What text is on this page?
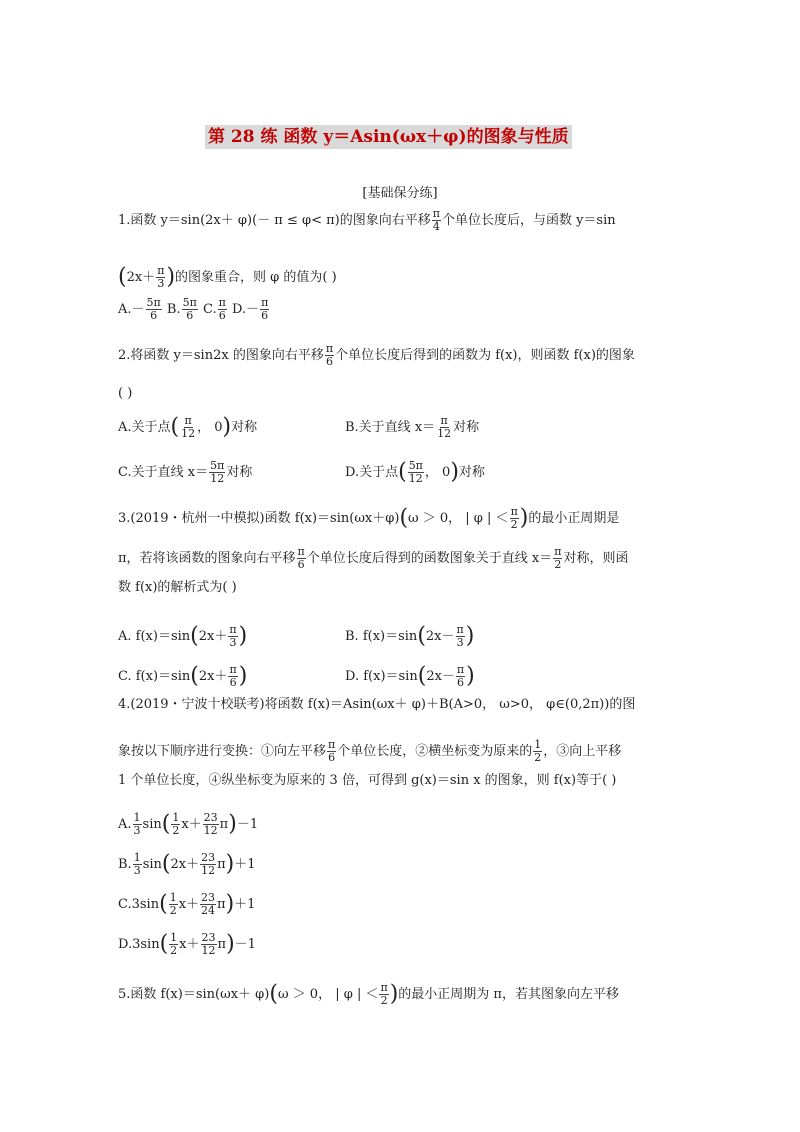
第 28 练 函数 y＝Asin(ωx＋φ)的图象与性质
[基础保分练]
1.函数 y＝sin(2x＋ φ)(－ π ≤ φ< π)的图象向右平移 $\frac{\pi}{4}$ 个单位长度后，与函数 y＝sin
($2x+ \frac{\pi}{3}$ )的图象重合，则 φ 的值为( )
$A.- \frac{5\pi}{6} B$. $\frac{5\pi}{6} C$. $\frac{\pi}{6} D.- \frac{\pi}{6}$
2.将函数 y＝sin2x 的图象向右平移 $\frac{\pi}{6}$ 个单位长度后得到的函数为 f(x)，则函数 f(x)的图象
( )
A.关于点( $\frac{\pi}{12}$ ， 0)对称	B.关于直线 $x= \frac{\pi}{12}$ 对称
C.关于直线 $x= \frac{5\pi}{12}$ 对称	D.关于点( $\frac{5\pi}{12}$ ， 0)对称
3.(2019・杭州一中模拟)函数 f(x)＝sin(ωx＋φ)(ω ＞ 0， | φ | ＜ $\frac{\pi}{2}$ )的最小正周期是
π，若将该函数的图象向右平移 $\frac{\pi}{6}$ 个单位长度后得到的函数图象关于直线 $x= \frac{\pi}{2}$ 对称，则函
数 f(x)的解析式为( )
A. $f(x)=\sin(2x+ \frac{\pi}{3}$ )	B. $f(x)=\sin(2x- \frac{\pi}{3}$ )
C. $f(x)=\sin(2x+ \frac{\pi}{6}$ )	D. $f(x)=\sin(2x- \frac{\pi}{6}$ )
4.(2019・宁波十校联考)将函数 f(x)＝Asin(ωx＋ φ)＋B(A>0， ω>0， φ∈(0,2π))的图
象按以下顺序进行变换：①向左平移 $\frac{\pi}{6}$ 个单位长度，②横坐标变为原来的 $\frac{1}{2}$ ，③向上平移
1 个单位长度，④纵坐标变为原来的 3 倍，可得到 g(x)＝sin x 的图象，则 f(x)等于( )
A. $\frac{1}{3} \sin( \frac{1}{2} x+ \frac{23}{12} \pi)-1$
B. $\frac{1}{3} \sin(2x+ \frac{23}{12} \pi)+1$
$C.3\sin( \frac{1}{2} x+ \frac{23}{24} \pi)+1$
$D.3\sin( \frac{1}{2} x+ \frac{23}{12} \pi)-1$
5.函数 f(x)＝sin(ωx＋ φ)(ω ＞ 0， | φ | ＜ $\frac{\pi}{2}$ )的最小正周期为 π，若其图象向左平移
